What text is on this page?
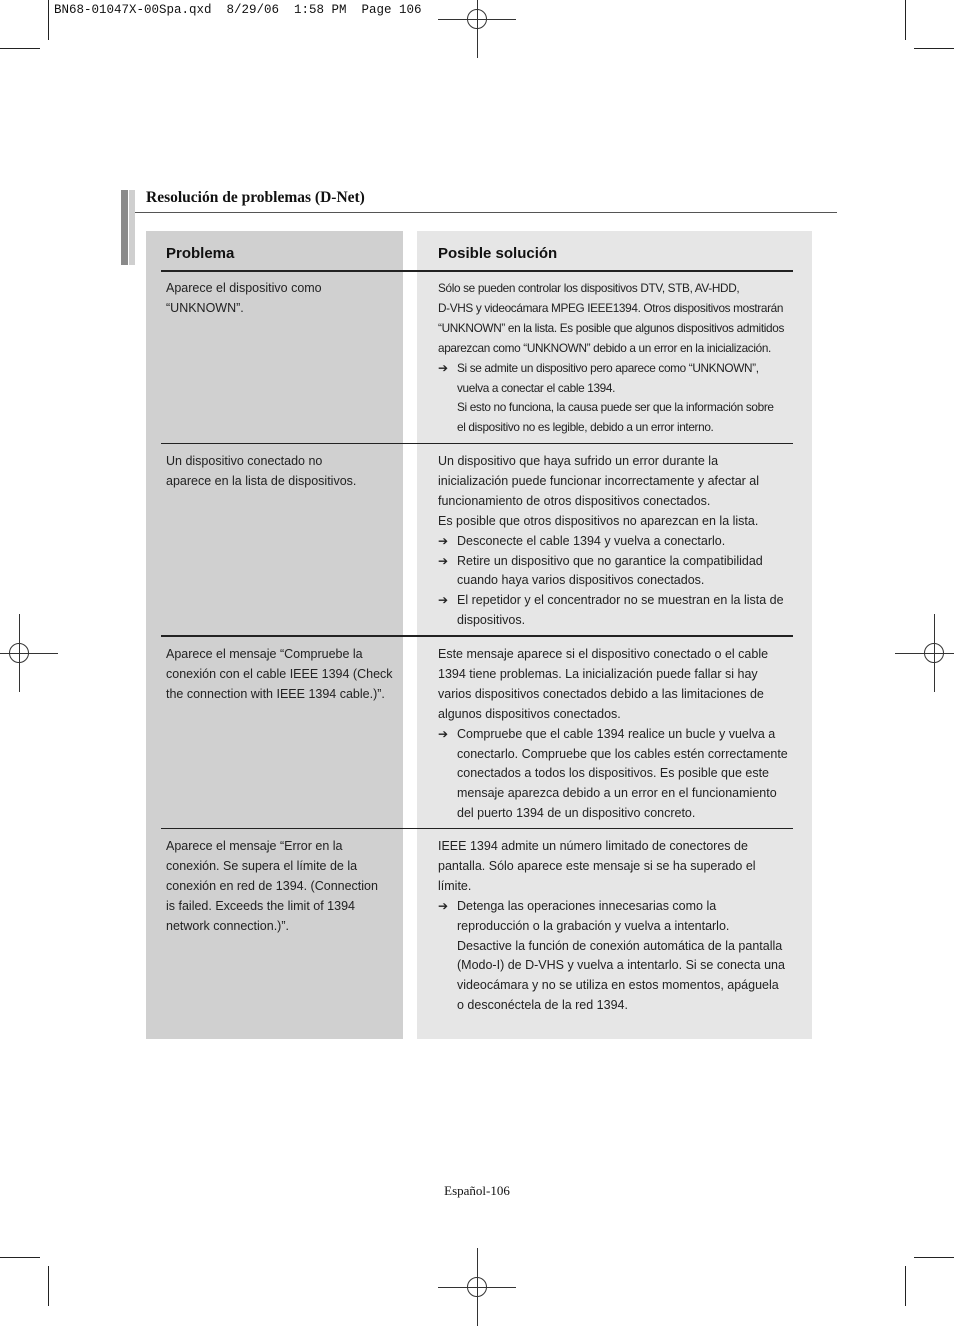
BN68-01047X-00Spa.qxd  8/29/06  1:58 PM  Page 106
Resolución de problemas (D-Net)
Problema	Posible solución

Aparece el dispositivo como

“UNKNOWN”.

Sólo se pueden controlar los dispositivos DTV, STB, AV-HDD,

D-VHS y videocámara MPEG IEEE1394. Otros dispositivos mostrarán

“UNKNOWN” en la lista. Es posible que algunos dispositivos admitidos

aparezcan como “UNKNOWN” debido a un error en la inicialización.

➔ Si se admite un dispositivo pero aparece como “UNKNOWN”,

vuelva a conectar el cable 1394.

Si esto no funciona, la causa puede ser que la información sobre

el dispositivo no es legible, debido a un error interno.

Un dispositivo conectado no

aparece en la lista de dispositivos.

Un dispositivo que haya sufrido un error durante la

inicialización puede funcionar incorrectamente y afectar al

funcionamiento de otros dispositivos conectados.

Es posible que otros dispositivos no aparezcan en la lista.

➔ Desconecte el cable 1394 y vuelva a conectarlo.

➔ Retire un dispositivo que no garantice la compatibilidad

cuando haya varios dispositivos conectados.

➔ El repetidor y el concentrador no se muestran en la lista de

dispositivos.

Aparece el mensaje “Compruebe la

conexión con el cable IEEE 1394 (Check

the connection with IEEE 1394 cable.)”.

Este mensaje aparece si el dispositivo conectado o el cable

1394 tiene problemas. La inicialización puede fallar si hay

varios dispositivos conectados debido a las limitaciones de

algunos dispositivos conectados.

➔ Compruebe que el cable 1394 realice un bucle y vuelva a

conectarlo. Compruebe que los cables estén correctamente

conectados a todos los dispositivos. Es posible que este

mensaje aparezca debido a un error en el funcionamiento

del puerto 1394 de un dispositivo concreto.

Aparece el mensaje “Error en la

conexión. Se supera el límite de la

conexión en red de 1394. (Connection

is failed. Exceeds the limit of 1394

network connection.)”.

IEEE 1394 admite un número limitado de conectores de

pantalla. Sólo aparece este mensaje si se ha superado el

límite.

➔ Detenga las operaciones innecesarias como la

reproducción o la grabación y vuelva a intentarlo.

Desactive la función de conexión automática de la pantalla

(Modo-I) de D-VHS y vuelva a intentarlo. Si se conecta una

videocámara y no se utiliza en estos momentos, apáguela

o desconéctela de la red 1394.

Español-106
